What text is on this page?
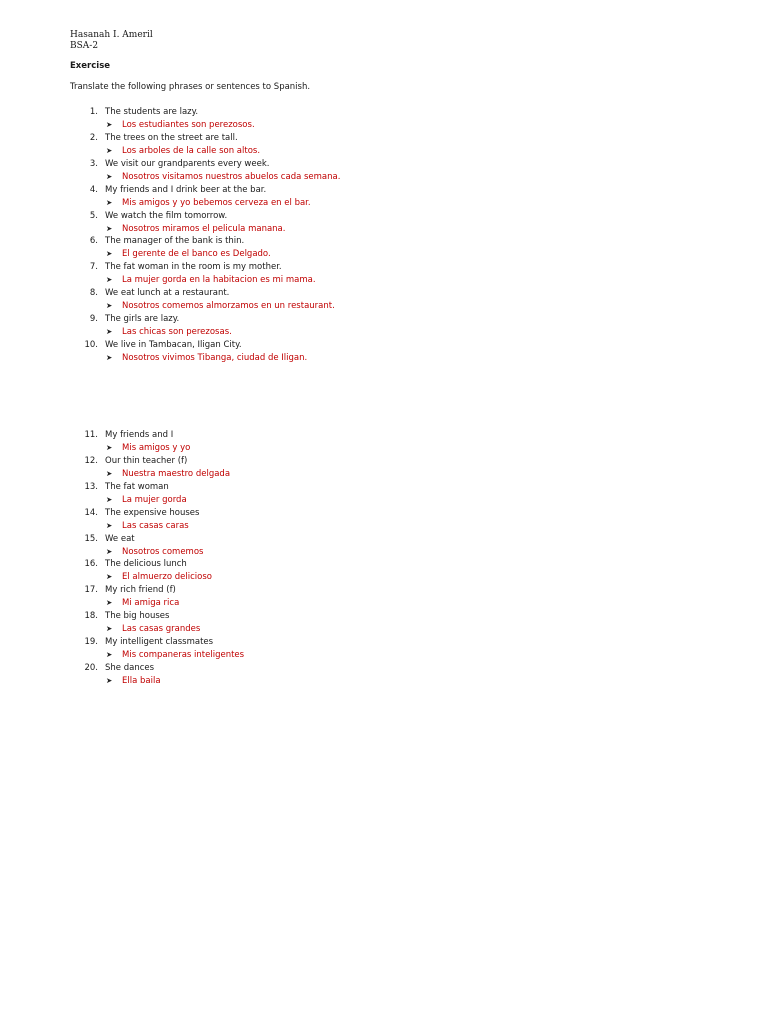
Hasanah I. Ameril
BSA-2
Exercise
Translate the following phrases or sentences to Spanish.
1. The students are lazy.
➤ Los estudiantes son perezosos.
2. The trees on the street are tall.
➤ Los arboles de la calle son altos.
3. We visit our grandparents every week.
➤ Nosotros visitamos nuestros abuelos cada semana.
4. My friends and I drink beer at the bar.
➤ Mis amigos y yo bebemos cerveza en el bar.
5. We watch the film tomorrow.
➤ Nosotros miramos el pelicula manana.
6. The manager of the bank is thin.
➤ El gerente de el banco es Delgado.
7. The fat woman in the room is my mother.
➤ La mujer gorda en la habitacion es mi mama.
8. We eat lunch at a restaurant.
➤ Nosotros comemos almorzamos en un restaurant.
9. The girls are lazy.
➤ Las chicas son perezosas.
10. We live in Tambacan, Iligan City.
➤ Nosotros vivimos Tibanga, ciudad de Iligan.
11. My friends and I
➤ Mis amigos y yo
12. Our thin teacher (f)
➤ Nuestra maestro delgada
13. The fat woman
➤ La mujer gorda
14. The expensive houses
➤ Las casas caras
15. We eat
➤ Nosotros comemos
16. The delicious lunch
➤ El almuerzo delicioso
17. My rich friend (f)
➤ Mi amiga rica
18. The big houses
➤ Las casas grandes
19. My intelligent classmates
➤ Mis companeras inteligentes
20. She dances
➤ Ella baila
